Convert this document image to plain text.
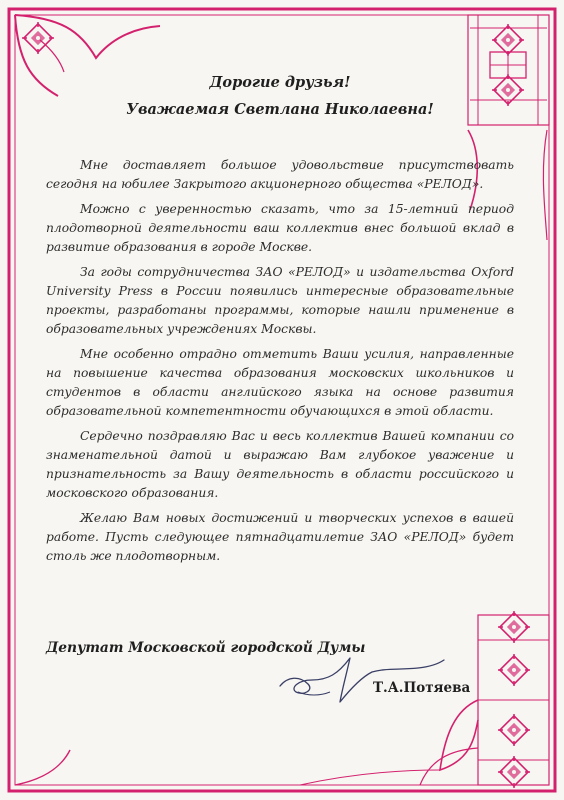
Дорогие друзья!

Уважаемая Светлана Николаевна!

Мне доставляет большое удовольствие присутствовать сегодня на юбилее Закрытого акционерного общества «РЕЛОД».

Можно с уверенностью сказать, что за 15-летний период плодотворной деятельности ваш коллектив внес большой вклад в развитие образования в городе Москве.

За годы сотрудничества ЗАО «РЕЛОД» и издательства Oxford University Press в России появились интересные образовательные проекты, разработаны программы, которые нашли применение в образовательных учреждениях Москвы.

Мне особенно отрадно отметить Ваши усилия, направленные на повышение качества образования московских школьников и студентов в области английского языка на основе развития образовательной компетентности обучающихся в этой области.

Сердечно поздравляю Вас и весь коллектив Вашей компании со знаменательной датой и выражаю Вам глубокое уважение и признательность за Вашу деятельность в области российского и московского образования.

Желаю Вам новых достижений и творческих успехов в вашей работе. Пусть следующее пятнадцатилетие ЗАО «РЕЛОД» будет столь же плодотворным.

Депутат Московской городской Думы
Т.А.Потяева
